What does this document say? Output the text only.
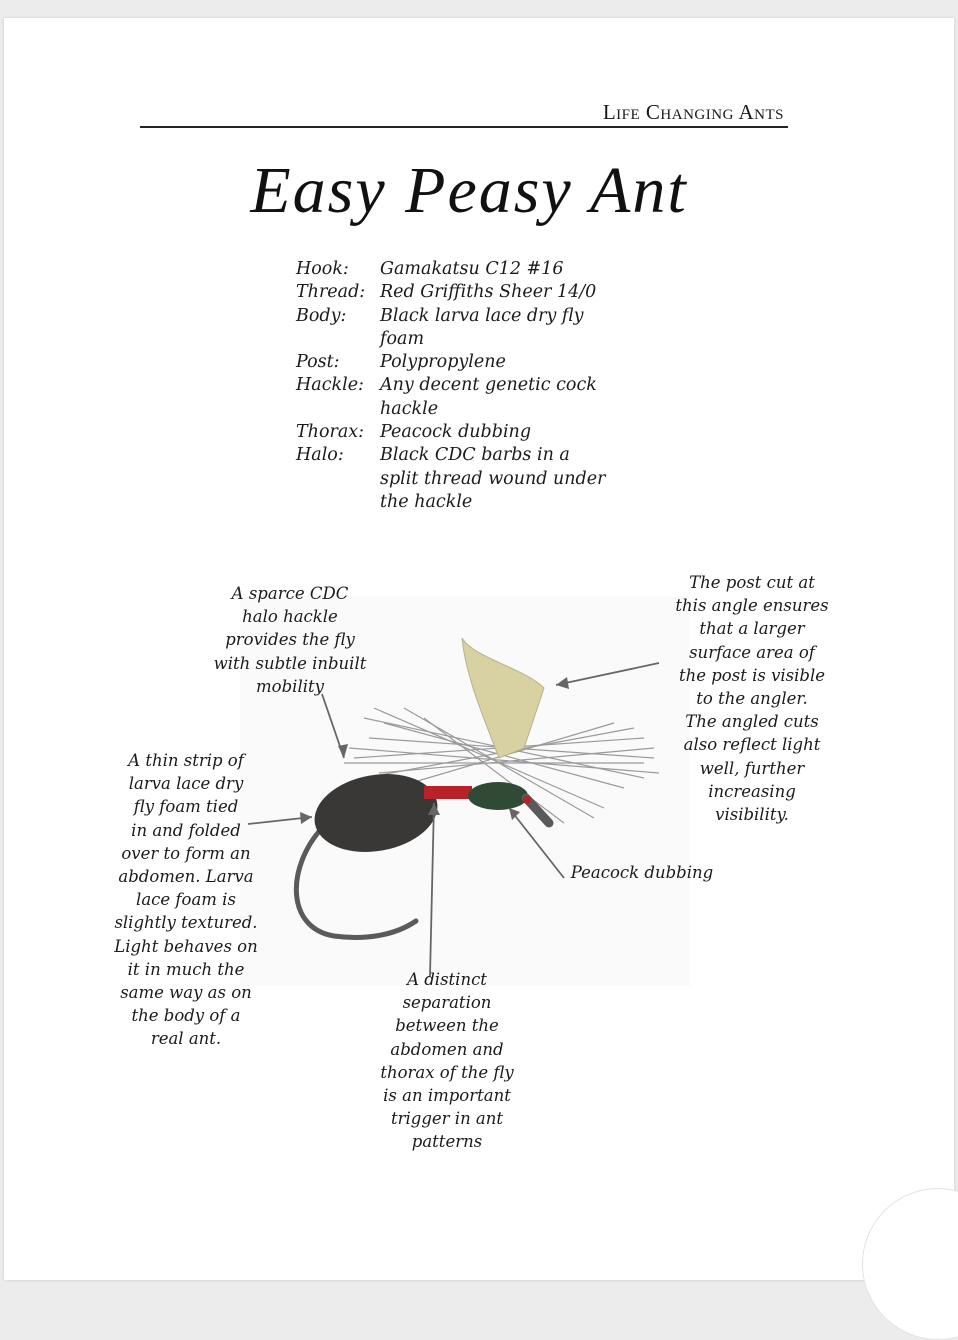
Life Changing Ants
Easy Peasy Ant
Hook:	Gamakatsu C12 #16
Thread: Red Griffiths Sheer 14/0
Body:	Black larva lace dry fly
foam
Post:	Polypropylene
Hackle: Any decent genetic cock
hackle
Thorax: Peacock dubbing
Halo:	Black CDC barbs in a
split thread wound under
the hackle
A sparce CDC
halo hackle
provides the fly
with subtle inbuilt
mobility
The post cut at
this angle ensures
that a larger
surface area of
the post is visible
to the angler.
The angled cuts
also reflect light
well, further
increasing
visibility.
A thin strip of
larva lace dry
fly foam tied
in and folded
over to form an
abdomen. Larva
lace foam is
slightly textured.
Light behaves on
it in much the
same way as on
the body of a
real ant.
Peacock dubbing
A distinct
separation
between the
abdomen and
thorax of the fly
is an important
trigger in ant
patterns
